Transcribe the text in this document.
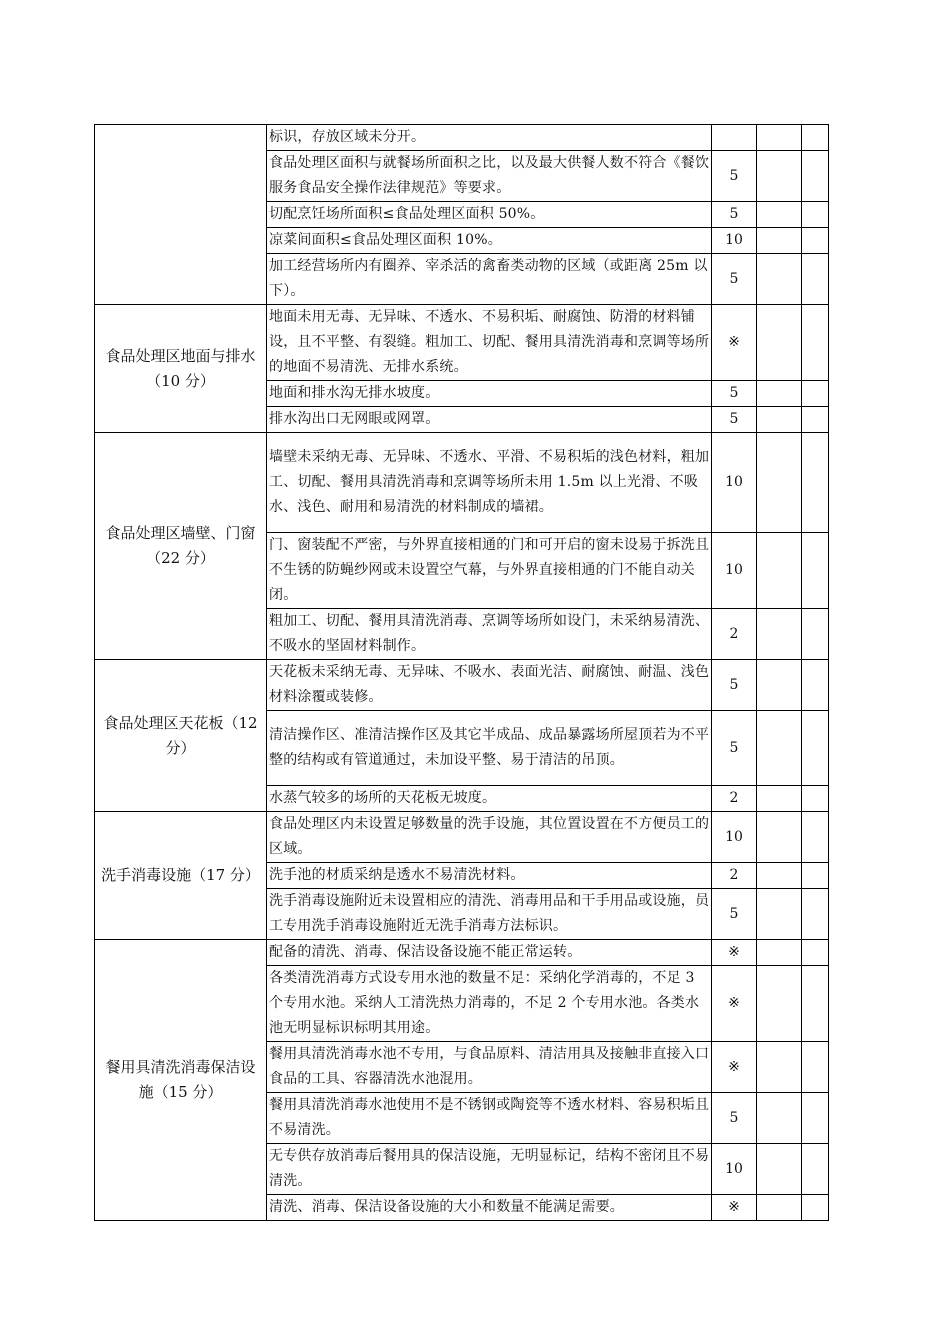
	标识，存放区域未分开。			
	食品处理区面积与就餐场所面积之比，以及最大供餐人数不符合《餐饮服务食品安全操作法律规范》等要求。	5		
	切配烹饪场所面积≤食品处理区面积 50%。	5		
	凉菜间面积≤食品处理区面积 10%。	10		
	加工经营场所内有圈养、宰杀活的禽畜类动物的区域（或距离 25m 以下）。	5		
食品处理区地面与排水（10 分）	地面未用无毒、无异味、不透水、不易积垢、耐腐蚀、防滑的材料铺设，且不平整、有裂缝。粗加工、切配、餐用具清洗消毒和烹调等场所的地面不易清洗、无排水系统。	※		
	地面和排水沟无排水坡度。	5		
	排水沟出口无网眼或网罩。	5		
食品处理区墙壁、门窗（22 分）	墙壁未采纳无毒、无异味、不透水、平滑、不易积垢的浅色材料，粗加工、切配、餐用具清洗消毒和烹调等场所未用 1.5m 以上光滑、不吸水、浅色、耐用和易清洗的材料制成的墙裙。	10		
	门、窗装配不严密，与外界直接相通的门和可开启的窗未设易于拆洗且不生锈的防蝇纱网或未设置空气幕，与外界直接相通的门不能自动关闭。	10		
	粗加工、切配、餐用具清洗消毒、烹调等场所如设门，未采纳易清洗、不吸水的坚固材料制作。	2		
食品处理区天花板（12 分）	天花板未采纳无毒、无异味、不吸水、表面光洁、耐腐蚀、耐温、浅色材料涂覆或装修。	5		
	清洁操作区、准清洁操作区及其它半成品、成品暴露场所屋顶若为不平整的结构或有管道通过，未加设平整、易于清洁的吊顶。	5		
	水蒸气较多的场所的天花板无坡度。	2		
洗手消毒设施（17 分）	食品处理区内未设置足够数量的洗手设施，其位置设置在不方便员工的区域。	10		
	洗手池的材质采纳是透水不易清洗材料。	2		
	洗手消毒设施附近未设置相应的清洗、消毒用品和干手用品或设施，员工专用洗手消毒设施附近无洗手消毒方法标识。	5		
餐用具清洗消毒保洁设施（15 分）	配备的清洗、消毒、保洁设备设施不能正常运转。	※		
	各类清洗消毒方式设专用水池的数量不足：采纳化学消毒的，不足 3 个专用水池。采纳人工清洗热力消毒的，不足 2 个专用水池。各类水池无明显标识标明其用途。	※		
	餐用具清洗消毒水池不专用，与食品原料、清洁用具及接触非直接入口食品的工具、容器清洗水池混用。	※		
	餐用具清洗消毒水池使用不是不锈钢或陶瓷等不透水材料、容易积垢且不易清洗。	5		
	无专供存放消毒后餐用具的保洁设施，无明显标记，结构不密闭且不易清洗。	10		
	清洗、消毒、保洁设备设施的大小和数量不能满足需要。	※		
